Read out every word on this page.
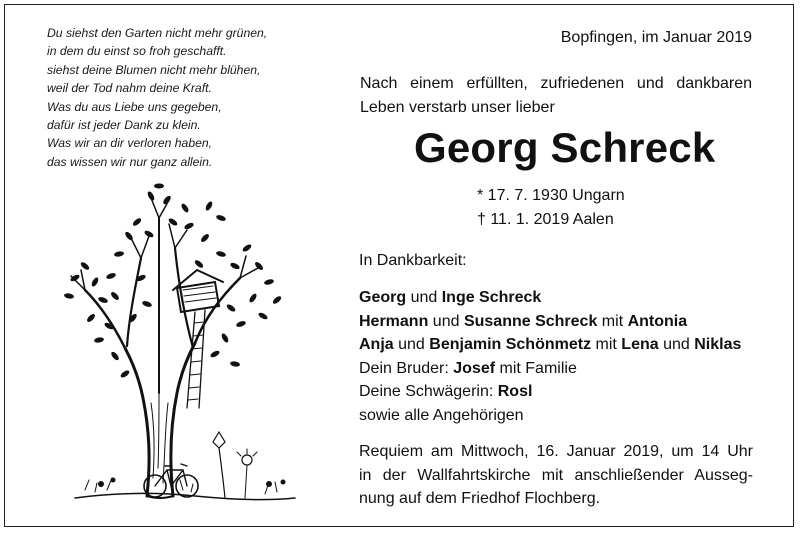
Du siehst den Garten nicht mehr grünen,
in dem du einst so froh geschafft.
siehst deine Blumen nicht mehr blühen,
weil der Tod nahm deine Kraft.
Was du aus Liebe uns gegeben,
dafür ist jeder Dank zu klein.
Was wir an dir verloren haben,
das wissen wir nur ganz allein.
Bopfingen, im Januar 2019
Nach einem erfüllten, zufriedenen und dankbaren
Leben verstarb unser lieber
Georg Schreck
* 17. 7. 1930 Ungarn
† 11. 1. 2019 Aalen
In Dankbarkeit:
Georg und Inge Schreck
Hermann und Susanne Schreck mit Antonia
Anja und Benjamin Schönmetz mit Lena und Niklas
Dein Bruder: Josef mit Familie
Deine Schwägerin: Rosl
sowie alle Angehörigen
Requiem am Mittwoch, 16. Januar 2019, um 14 Uhr
in der Wallfahrtskirche mit anschließender Ausseg-
nung auf dem Friedhof Flochberg.
